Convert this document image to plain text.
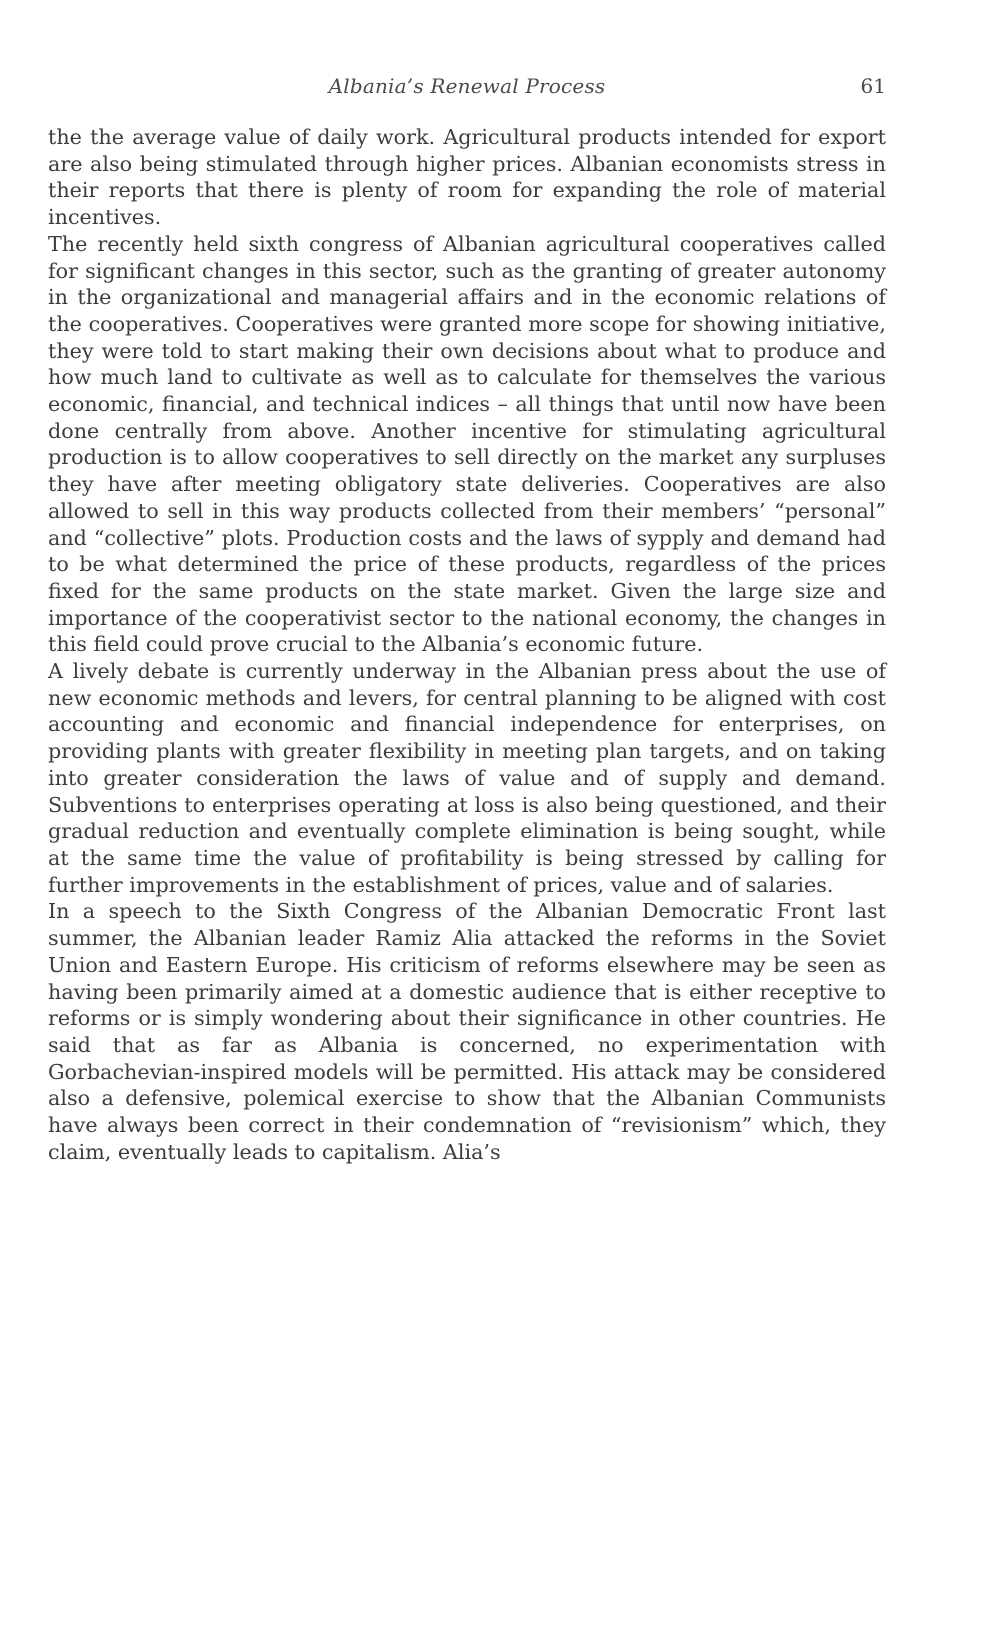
Albania’s Renewal Process	61

the the average value of daily work. Agricultural products intended for export are also being stimulated through higher prices. Albanian economists stress in their reports that there is plenty of room for expanding the role of material incentives.

The recently held sixth congress of Albanian agricultural cooperatives called for significant changes in this sector, such as the granting of greater autonomy in the organizational and managerial affairs and in the economic relations of the cooperatives. Cooperatives were granted more scope for showing initiative, they were told to start making their own decisions about what to produce and how much land to cultivate as well as to calculate for themselves the various economic, financial, and technical indices – all things that until now have been done centrally from above. Another incentive for stimulating agricultural production is to allow cooperatives to sell directly on the market any surpluses they have after meeting obligatory state deliveries. Cooperatives are also allowed to sell in this way products collected from their members’ “personal” and “collective” plots. Production costs and the laws of sypply and demand had to be what determined the price of these products, regardless of the prices fixed for the same products on the state market. Given the large size and importance of the cooperativist sector to the national economy, the changes in this field could prove crucial to the Albania’s economic future.

A lively debate is currently underway in the Albanian press about the use of new economic methods and levers, for central planning to be aligned with cost accounting and economic and financial independence for enterprises, on providing plants with greater flexibility in meeting plan targets, and on taking into greater consideration the laws of value and of supply and demand. Subventions to enterprises operating at loss is also being questioned, and their gradual reduction and eventually complete elimination is being sought, while at the same time the value of profitability is being stressed by calling for further improvements in the establishment of prices, value and of salaries.

In a speech to the Sixth Congress of the Albanian Democratic Front last summer, the Albanian leader Ramiz Alia attacked the reforms in the Soviet Union and Eastern Europe. His criticism of reforms elsewhere may be seen as having been primarily aimed at a domestic audience that is either receptive to reforms or is simply wondering about their significance in other countries. He said that as far as Albania is concerned, no experimentation with Gorbachevian-inspired models will be permitted. His attack may be considered also a defensive, polemical exercise to show that the Albanian Communists have always been correct in their condemnation of “revisionism” which, they claim, eventually leads to capitalism. Alia’s
